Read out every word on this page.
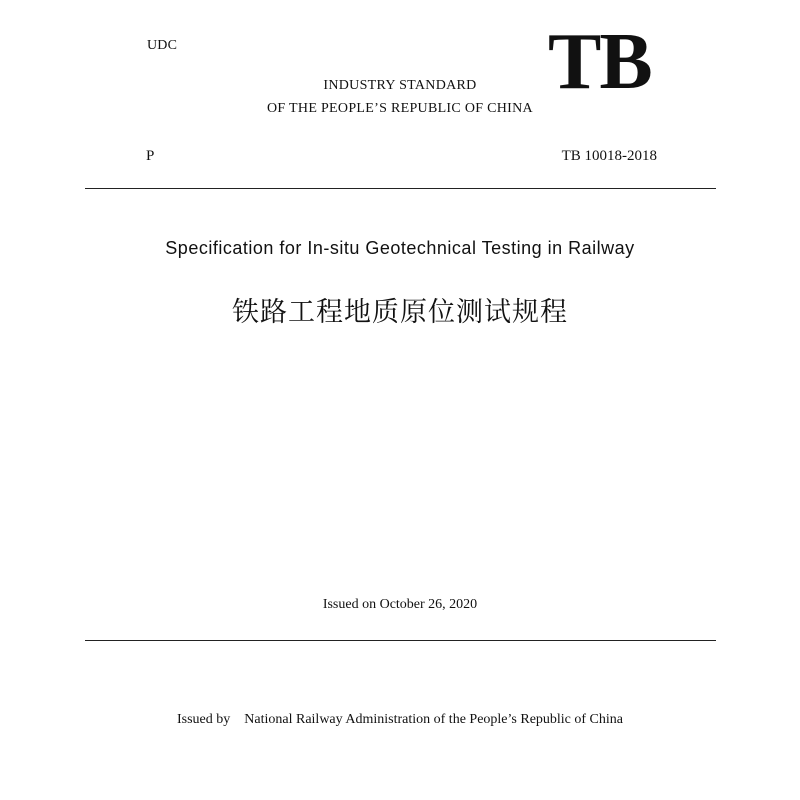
UDC	TB
INDUSTRY STANDARD
OF THE PEOPLE’S REPUBLIC OF CHINA
P	TB 10018-2018
Specification for In-situ Geotechnical Testing in Railway
铁路工程地质原位测试规程
Issued on October 26, 2020
Issued by National Railway Administration of the People’s Republic of China
